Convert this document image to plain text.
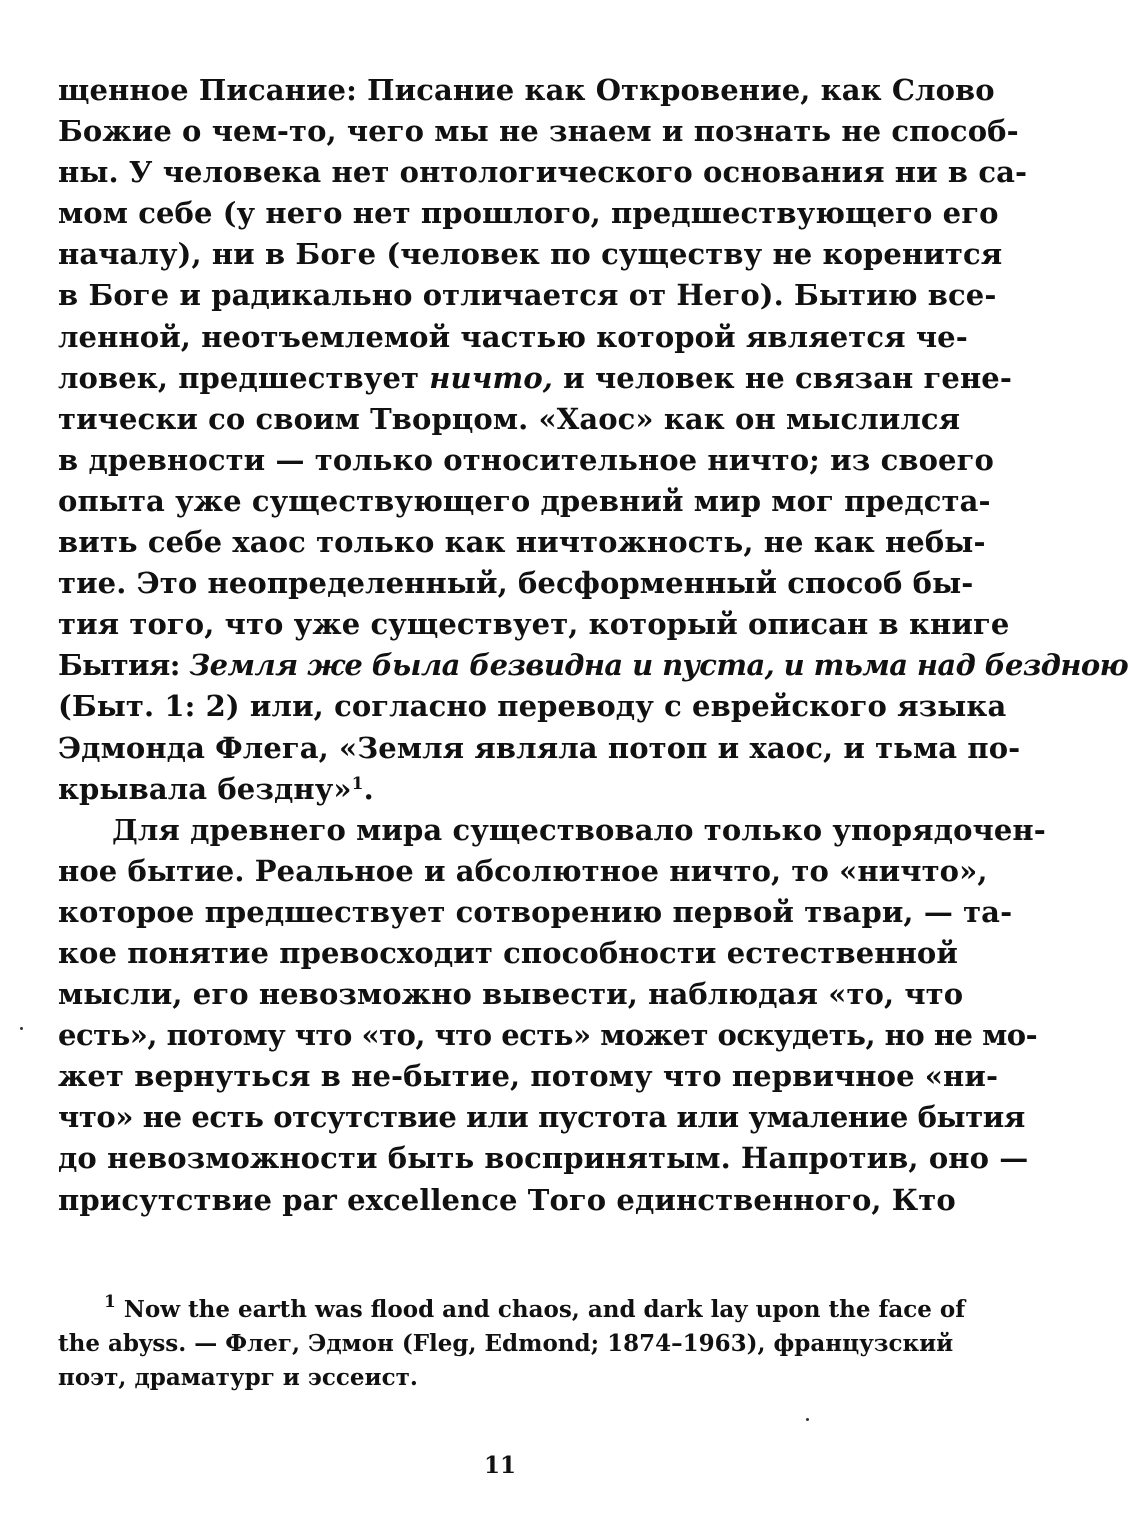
щенное Писание: Писание как Откровение, как Слово
Божие о чем-то, чего мы не знаем и познать не способ-
ны. У человека нет онтологического основания ни в са-
мом себе (у него нет прошлого, предшествующего его
началу), ни в Боге (человек по существу не коренится
в Боге и радикально отличается от Него). Бытию все-
ленной, неотъемлемой частью которой является че-
ловек, предшествует ничто, и человек не связан гене-
тически со своим Творцом. «Хаос» как он мыслился
в древности — только относительное ничто; из своего
опыта уже существующего древний мир мог предста-
вить себе хаос только как ничтожность, не как небы-
тие. Это неопределенный, бесформенный способ бы-
тия того, что уже существует, который описан в книге
Бытия: Земля же была безвидна и пуста, и тьма над бездною
(Быт. 1: 2) или, согласно переводу с еврейского языка
Эдмонда Флега, «Земля являла потоп и хаос, и тьма по-
крывала бездну»$^1$.
Для древнего мира существовало только упорядочен-
ное бытие. Реальное и абсолютное ничто, то «ничто»,
которое предшествует сотворению первой твари, — та-
кое понятие превосходит способности естественной
мысли, его невозможно вывести, наблюдая «то, что
есть», потому что «то, что есть» может оскудеть, но не мо-
жет вернуться в не-бытие, потому что первичное «ни-
что» не есть отсутствие или пустота или умаление бытия
до невозможности быть воспринятым. Напротив, оно —
присутствие par excellence Того единственного, Кто
$^1$ Now the earth was flood and chaos, and dark lay upon the face of
the abyss. — Флег, Эдмон (Fleg, Edmond; 1874–1963), французский
поэт, драматург и эссеист.
11
